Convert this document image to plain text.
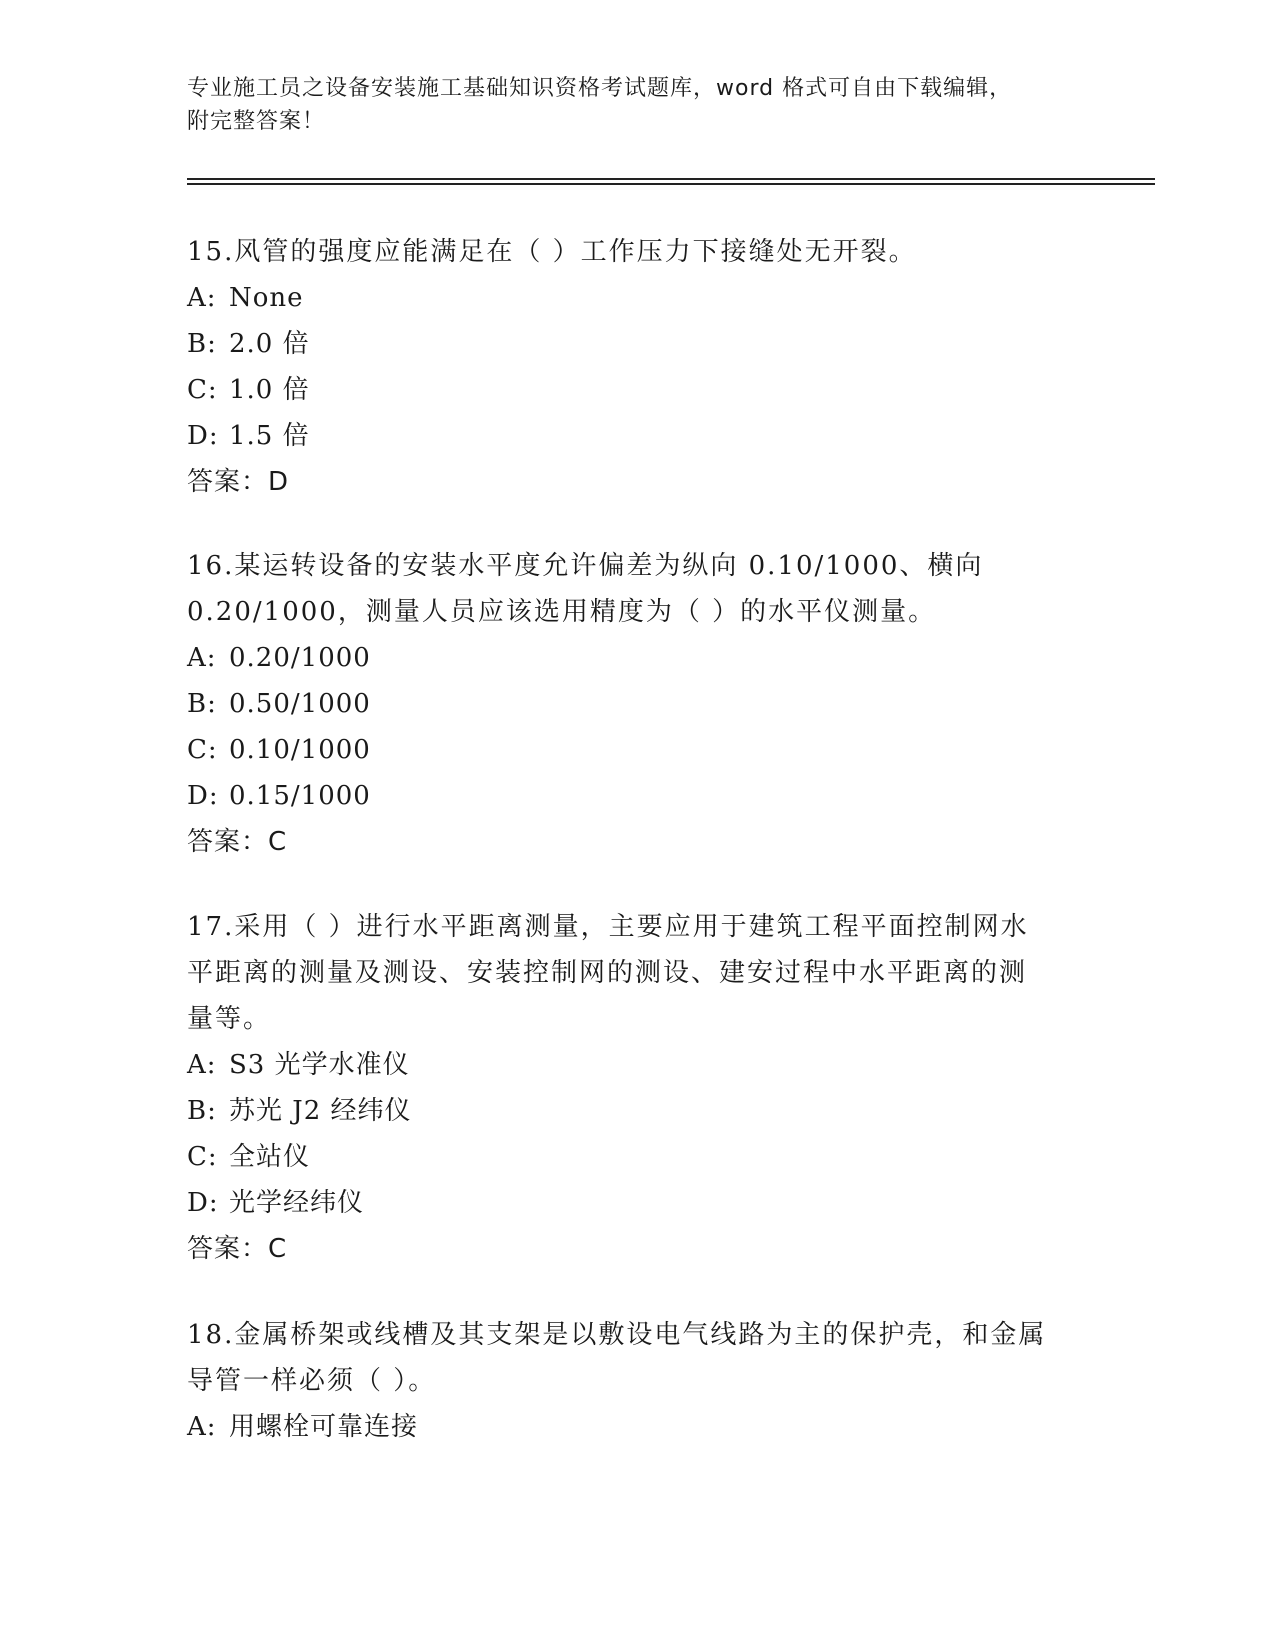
专业施工员之设备安装施工基础知识资格考试题库，word 格式可自由下载编辑，
附完整答案！
15.风管的强度应能满足在（ ）工作压力下接缝处无开裂。
A: None
B: 2.0 倍
C: 1.0 倍
D: 1.5 倍
答案：D
16.某运转设备的安装水平度允许偏差为纵向 0.10/1000、横向
0.20/1000，测量人员应该选用精度为（ ）的水平仪测量。
A: 0.20/1000
B: 0.50/1000
C: 0.10/1000
D: 0.15/1000
答案：C
17.采用（ ）进行水平距离测量，主要应用于建筑工程平面控制网水
平距离的测量及测设、安装控制网的测设、建安过程中水平距离的测
量等。
A: S3 光学水准仪
B: 苏光 J2 经纬仪
C: 全站仪
D: 光学经纬仪
答案：C
18.金属桥架或线槽及其支架是以敷设电气线路为主的保护壳，和金属
导管一样必须（ ）。
A: 用螺栓可靠连接
